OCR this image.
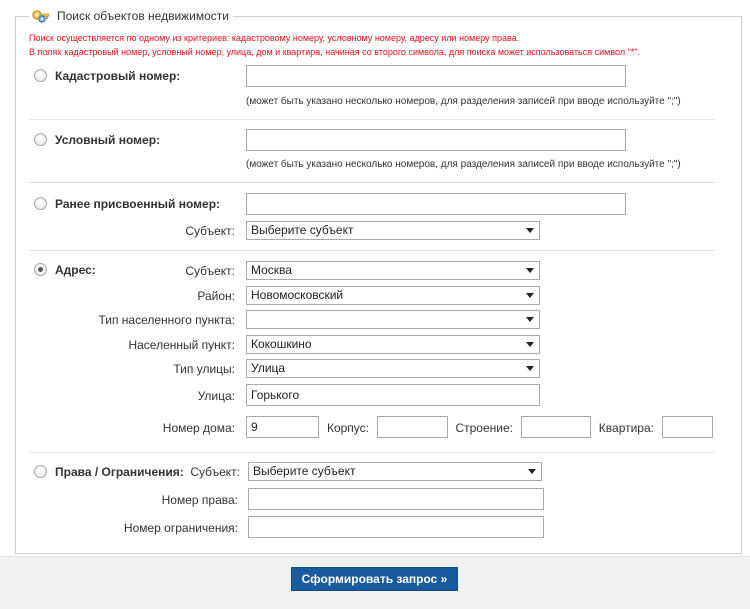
Поиск объектов недвижимости
Поиск осуществляется по одному из критериев: кадастровому номеру, условному номеру, адресу или номеру права.
В полях кадастровый номер, условный номер, улица, дом и квартира, начиная со второго символа, для поиска может использоваться символ "*".
Кадастровый номер:
(может быть указано несколько номеров, для разделения записей при вводе используйте ";")
Условный номер:
(может быть указано несколько номеров, для разделения записей при вводе используйте ";")
Ранее присвоенный номер:
Субъект:	Выберите субъект
Адрес:	Субъект:	Москва
Район:	Новомосковский
Тип населенного пункта:
Населенный пункт:	Кокошкино
Тип улицы:	Улица
Улица:	Горького
Номер дома:	9	Корпус:	Строение:	Квартира:
Права / Ограничения: Субъект:	Выберите субъект
Номер права:
Номер ограничения:
Сформировать запрос »
